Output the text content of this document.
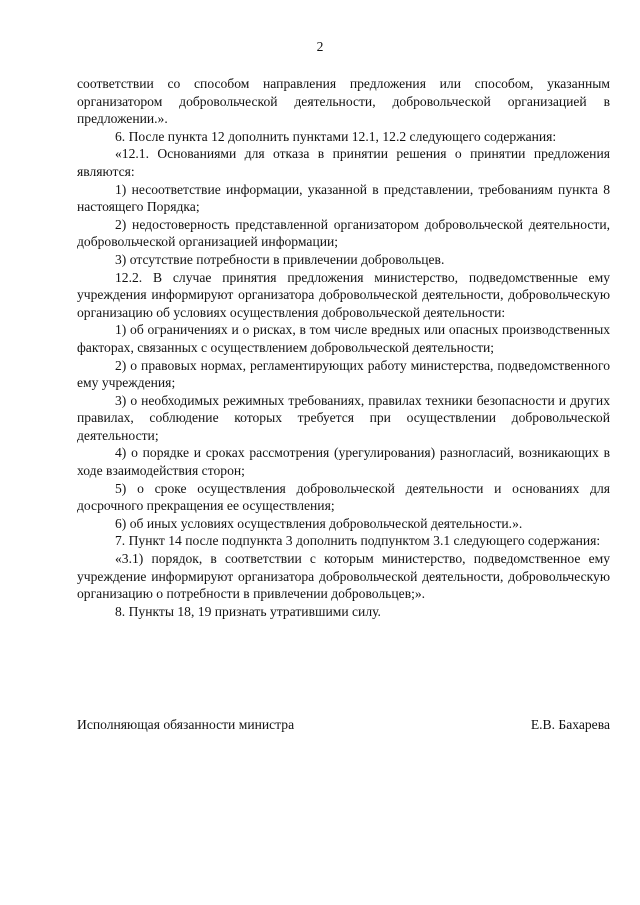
2

соответствии со способом направления предложения или способом, указанным организатором добровольческой деятельности, добровольческой организацией в предложении.».

6. После пункта 12 дополнить пунктами 12.1, 12.2 следующего содержания:

«12.1. Основаниями для отказа в принятии решения о принятии предложения являются:

1) несоответствие информации, указанной в представлении, требованиям пункта 8 настоящего Порядка;

2) недостоверность представленной организатором добровольческой деятельности, добровольческой организацией информации;

3) отсутствие потребности в привлечении добровольцев.

12.2. В случае принятия предложения министерство, подведомственные ему учреждения информируют организатора добровольческой деятельности, добровольческую организацию об условиях осуществления добровольческой деятельности:

1) об ограничениях и о рисках, в том числе вредных или опасных производственных факторах, связанных с осуществлением добровольческой деятельности;

2) о правовых нормах, регламентирующих работу министерства, подведомственного ему учреждения;

3) о необходимых режимных требованиях, правилах техники безопасности и других правилах, соблюдение которых требуется при осуществлении добровольческой деятельности;

4) о порядке и сроках рассмотрения (урегулирования) разногласий, возникающих в ходе взаимодействия сторон;

5) о сроке осуществления добровольческой деятельности и основаниях для досрочного прекращения ее осуществления;

6) об иных условиях осуществления добровольческой деятельности.».

7. Пункт 14 после подпункта 3 дополнить подпунктом 3.1 следующего содержания:

«3.1) порядок, в соответствии с которым министерство, подведомственное ему учреждение информируют организатора добровольческой деятельности, добровольческую организацию о потребности в привлечении добровольцев;».

8. Пункты 18, 19 признать утратившими силу.

Исполняющая обязанности министра	Е.В. Бахарева
